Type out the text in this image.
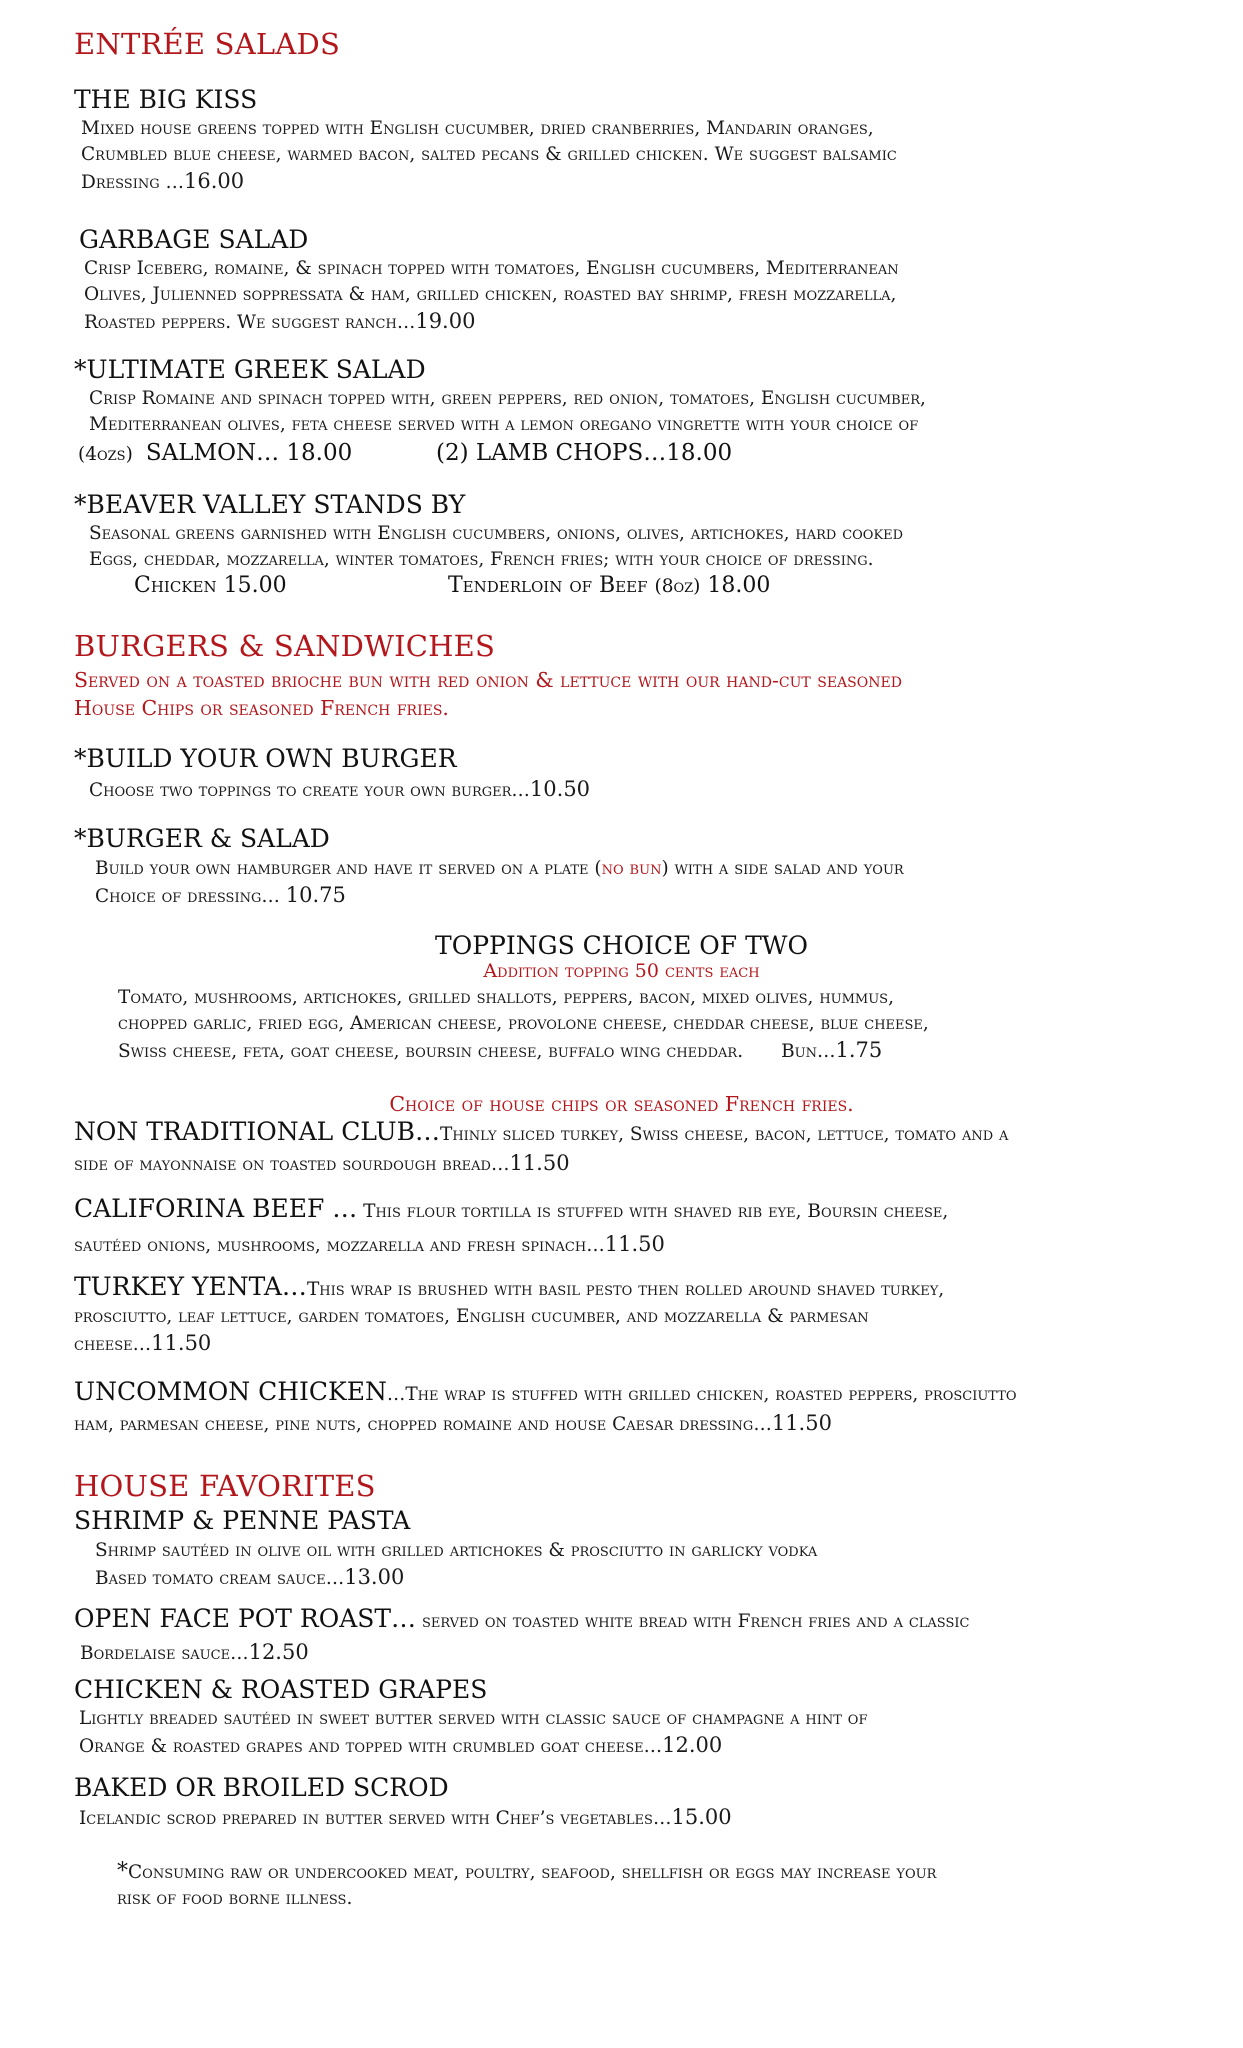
ENTRÉE SALADS
THE BIG KISS
Mixed house greens topped with English cucumber, dried cranberries, Mandarin oranges,
Crumbled blue cheese, warmed bacon, salted pecans & grilled chicken. We suggest balsamic
Dressing …16.00
GARBAGE SALAD
Crisp Iceberg, romaine, & spinach topped with tomatoes, English cucumbers, Mediterranean
Olives, Julienned soppressata & ham, grilled chicken, roasted bay shrimp, fresh mozzarella,
Roasted peppers. We suggest ranch…19.00
*ULTIMATE GREEK SALAD
Crisp Romaine and spinach topped with, green peppers, red onion, tomatoes, English cucumber,
Mediterranean olives, feta cheese served with a lemon oregano vingrette with your choice of
(4ozs) SALMON… 18.00	(2) LAMB CHOPS…18.00
*BEAVER VALLEY STANDS BY
Seasonal greens garnished with English cucumbers, onions, olives, artichokes, hard cooked
Eggs, cheddar, mozzarella, winter tomatoes, French fries; with your choice of dressing.
Chicken 15.00	Tenderloin of Beef (8oz) 18.00
BURGERS & SANDWICHES
Served on a toasted brioche bun with red onion & lettuce with our hand-cut seasoned
House Chips or seasoned French fries.
*BUILD YOUR OWN BURGER
Choose two toppings to create your own burger…10.50
*BURGER & SALAD
Build your own hamburger and have it served on a plate (no bun) with a side salad and your
Choice of dressing… 10.75
TOPPINGS CHOICE OF TWO
Addition topping 50 cents each
Tomato, mushrooms, artichokes, grilled shallots, peppers, bacon, mixed olives, hummus,
chopped garlic, fried egg, American cheese, provolone cheese, cheddar cheese, blue cheese,
Swiss cheese, feta, goat cheese, boursin cheese, buffalo wing cheddar. Bun…1.75
Choice of house chips or seasoned French fries.
NON TRADITIONAL CLUB…Thinly sliced turkey, Swiss cheese, bacon, lettuce, tomato and a
side of mayonnaise on toasted sourdough bread…11.50
CALIFORINA BEEF … This flour tortilla is stuffed with shaved rib eye, Boursin cheese,
sautéed onions, mushrooms, mozzarella and fresh spinach…11.50
TURKEY YENTA…This wrap is brushed with basil pesto then rolled around shaved turkey,
prosciutto, leaf lettuce, garden tomatoes, English cucumber, and mozzarella & parmesan
cheese…11.50
UNCOMMON CHICKEN…The wrap is stuffed with grilled chicken, roasted peppers, prosciutto
ham, parmesan cheese, pine nuts, chopped romaine and house Caesar dressing…11.50
HOUSE FAVORITES
SHRIMP & PENNE PASTA
Shrimp sautéed in olive oil with grilled artichokes & prosciutto in garlicky vodka
Based tomato cream sauce…13.00
OPEN FACE POT ROAST… served on toasted white bread with French fries and a classic
Bordelaise sauce…12.50
CHICKEN & ROASTED GRAPES
Lightly breaded sautéed in sweet butter served with classic sauce of champagne a hint of
Orange & roasted grapes and topped with crumbled goat cheese…12.00
BAKED OR BROILED SCROD
Icelandic scrod prepared in butter served with Chef’s vegetables…15.00
*Consuming raw or undercooked meat, poultry, seafood, shellfish or eggs may increase your
risk of food borne illness.
